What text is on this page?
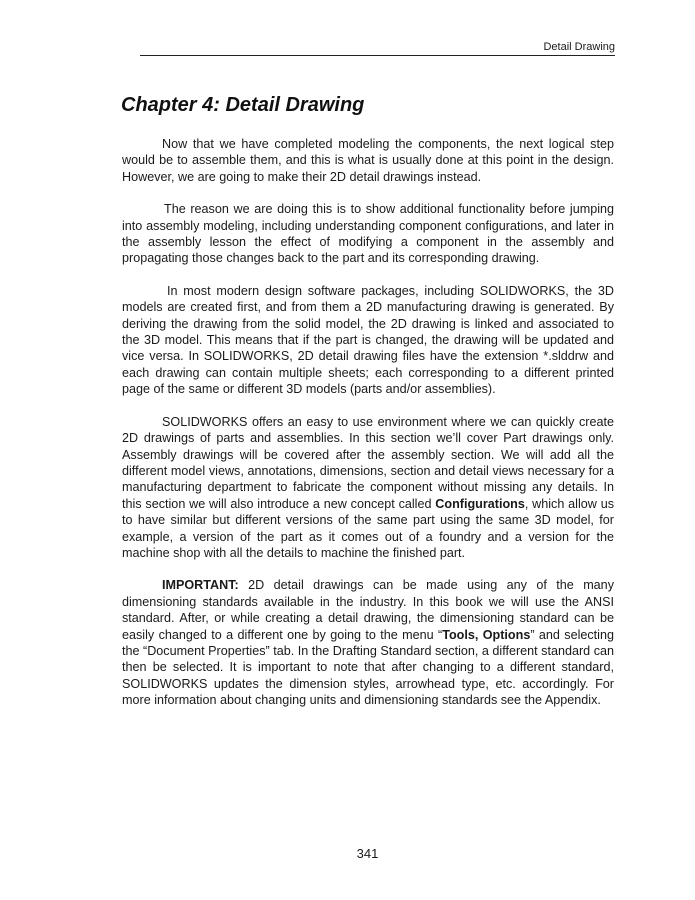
Detail Drawing
Chapter 4: Detail Drawing

Now that we have completed modeling the components, the next logical step would be to assemble them, and this is what is usually done at this point in the design. However, we are going to make their 2D detail drawings instead.

The reason we are doing this is to show additional functionality before jumping into assembly modeling, including understanding component configurations, and later in the assembly lesson the effect of modifying a component in the assembly and propagating those changes back to the part and its corresponding drawing.

In most modern design software packages, including SOLIDWORKS, the 3D models are created first, and from them a 2D manufacturing drawing is generated. By deriving the drawing from the solid model, the 2D drawing is linked and associated to the 3D model. This means that if the part is changed, the drawing will be updated and vice versa. In SOLIDWORKS, 2D detail drawing files have the extension *.slddrw and each drawing can contain multiple sheets; each corresponding to a different printed page of the same or different 3D models (parts and/or assemblies).

SOLIDWORKS offers an easy to use environment where we can quickly create 2D drawings of parts and assemblies. In this section we’ll cover Part drawings only. Assembly drawings will be covered after the assembly section. We will add all the different model views, annotations, dimensions, section and detail views necessary for a manufacturing department to fabricate the component without missing any details. In this section we will also introduce a new concept called Configurations, which allow us to have similar but different versions of the same part using the same 3D model, for example, a version of the part as it comes out of a foundry and a version for the machine shop with all the details to machine the finished part.

IMPORTANT: 2D detail drawings can be made using any of the many dimensioning standards available in the industry. In this book we will use the ANSI standard. After, or while creating a detail drawing, the dimensioning standard can be easily changed to a different one by going to the menu “Tools, Options” and selecting the “Document Properties” tab. In the Drafting Standard section, a different standard can then be selected. It is important to note that after changing to a different standard, SOLIDWORKS updates the dimension styles, arrowhead type, etc. accordingly. For more information about changing units and dimensioning standards see the Appendix.

341
